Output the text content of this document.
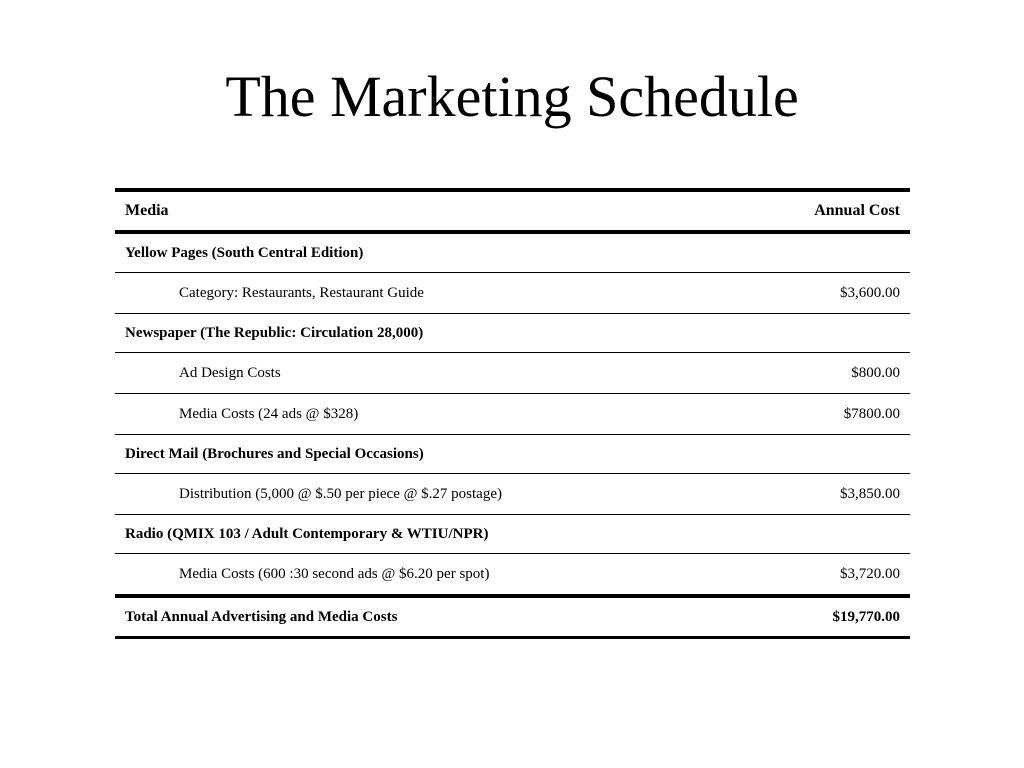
The Marketing Schedule
Media	Annual Cost
Yellow Pages (South Central Edition)	
Category: Restaurants, Restaurant Guide	$3,600.00
Newspaper (The Republic: Circulation 28,000)	
Ad Design Costs	$800.00
Media Costs (24 ads @ $328)	$7800.00
Direct Mail (Brochures and Special Occasions)	
Distribution (5,000 @ $.50 per piece @ $.27 postage)	$3,850.00
Radio (QMIX 103 / Adult Contemporary & WTIU/NPR)	
Media Costs (600 :30 second ads @ $6.20 per spot)	$3,720.00
Total Annual Advertising and Media Costs	$19,770.00
